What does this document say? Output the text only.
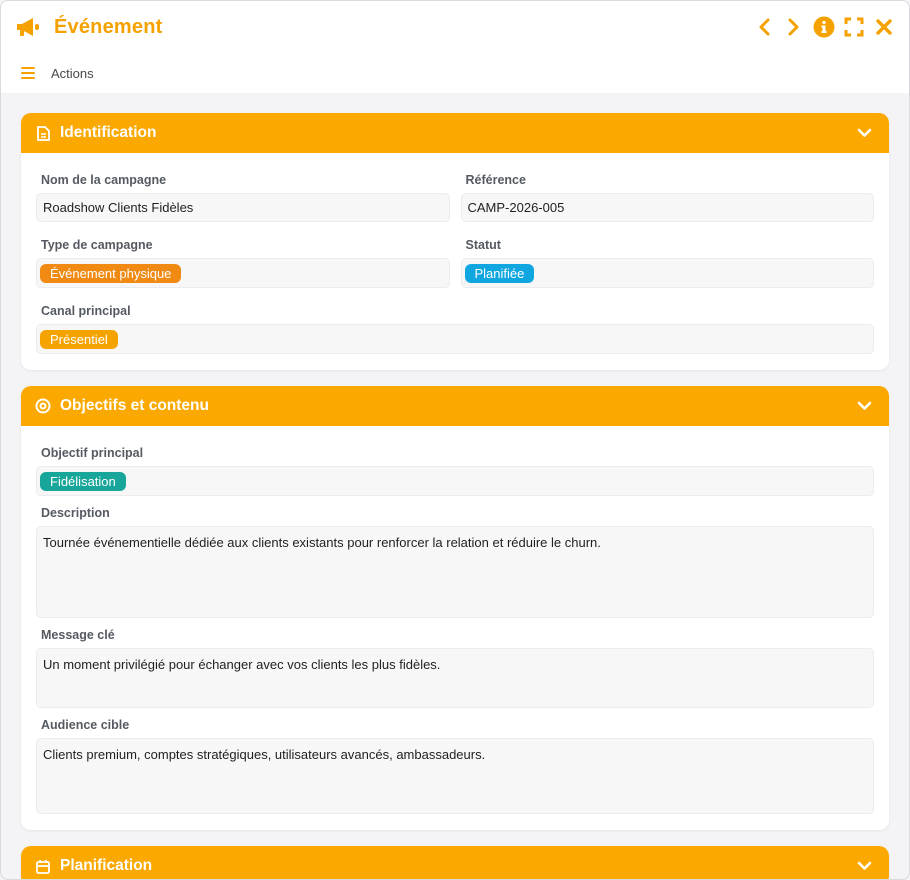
Événement
Actions
Identification
Nom de la campagne
Roadshow Clients Fidèles
Référence
CAMP-2026-005
Type de campagne
Événement physique
Statut
Planifiée
Canal principal
Présentiel
Objectifs et contenu
Objectif principal
Fidélisation
Description
Tournée événementielle dédiée aux clients existants pour renforcer la relation et réduire le churn.
Message clé
Un moment privilégié pour échanger avec vos clients les plus fidèles.
Audience cible
Clients premium, comptes stratégiques, utilisateurs avancés, ambassadeurs.
Planification
